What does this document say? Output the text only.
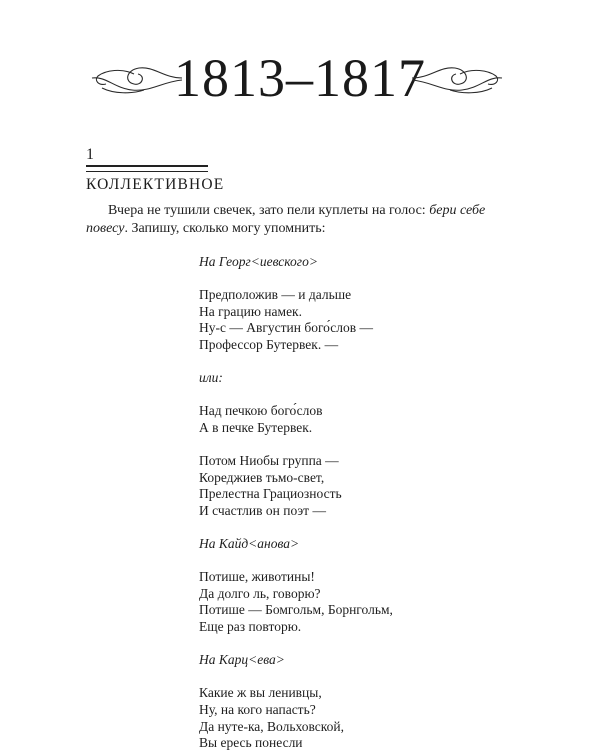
1813–1817
1
КОЛЛЕКТИВНОЕ

Вчера не тушили свечек, зато пели куплеты на голос: бери себе повесу. Запишу, сколько могу упомнить:

На Георг<иевского>
Предположив — и дальше
На грацию намек.
Ну-с — Августин бого́слов —
Профессор Бутервек. —
или:
Над печкою бого́слов
А в печке Бутервек.
Потом Ниобы группа —
Кореджиев тьмо-свет,
Прелестна Грациозность
И счастлив он поэт —
На Кайд<анова>
Потише, животины!
Да долго ль, говорю?
Потише — Бомгольм, Борнгольм,
Еще раз повторю.
На Карц<ева>
Какие ж вы ленивцы,
Ну, на кого напасть?
Да нуте-ка, Вольховской,
Вы ересь понесли
